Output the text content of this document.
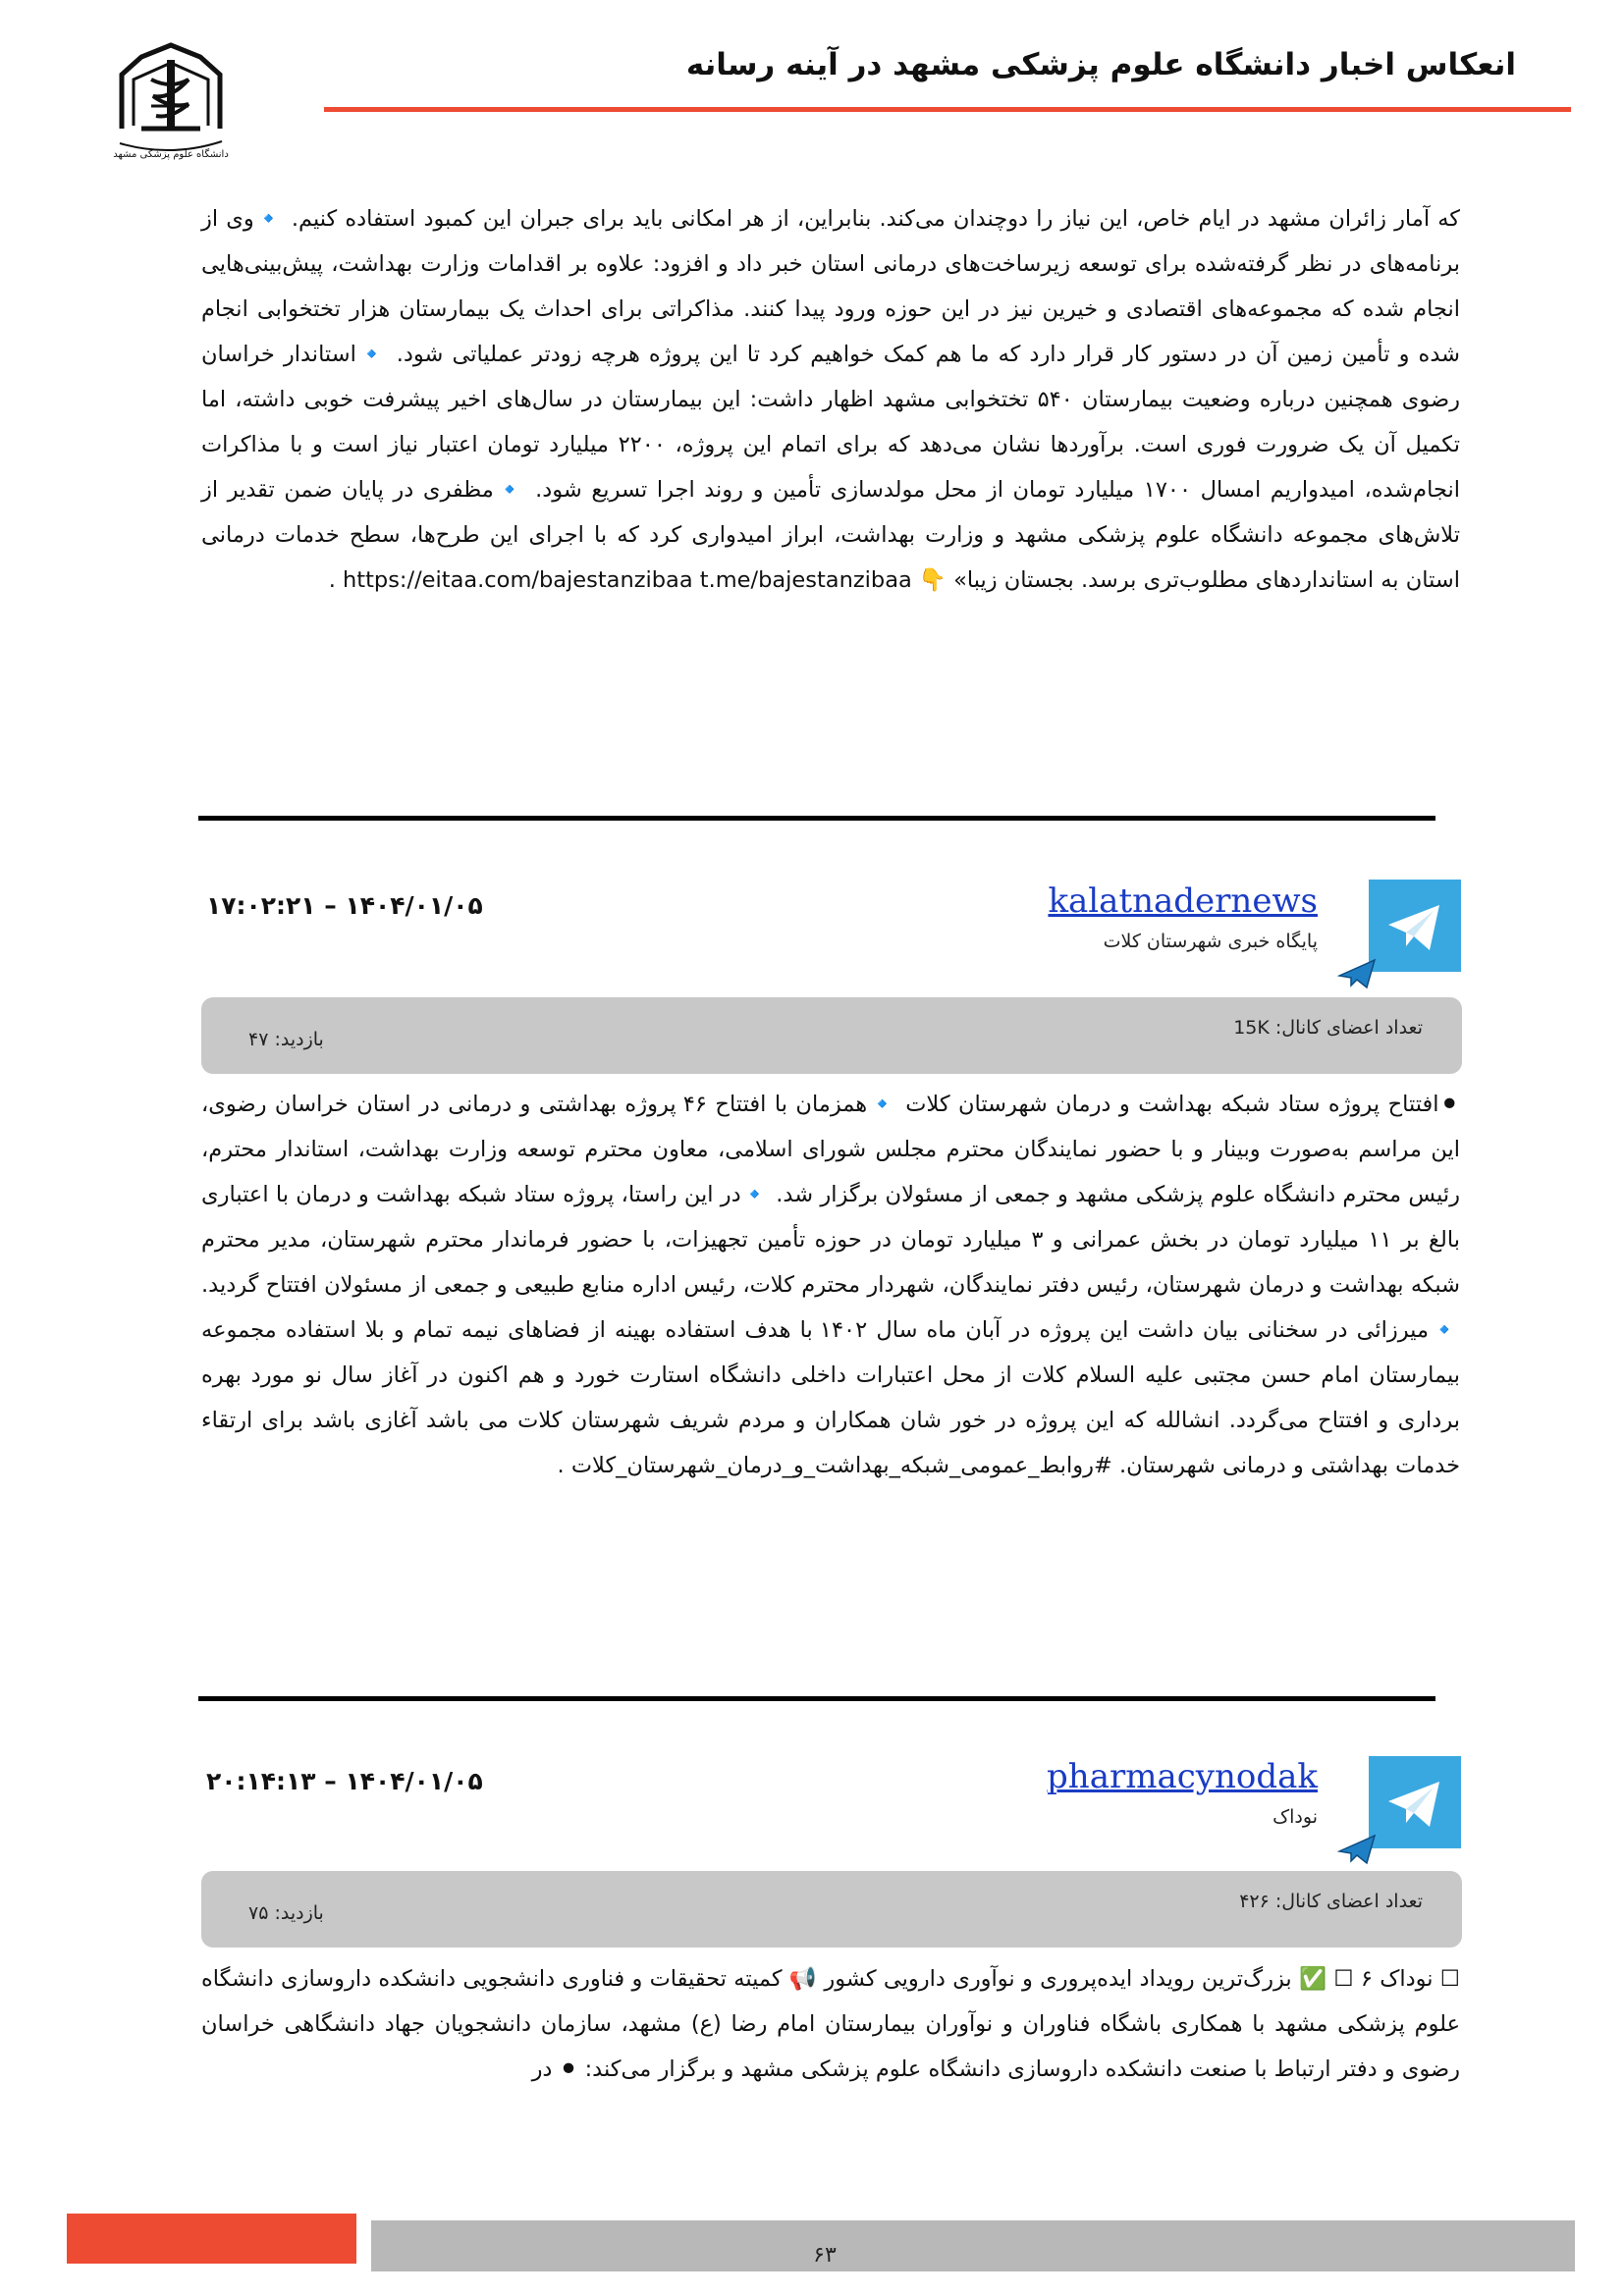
انعکاس اخبار دانشگاه علوم پزشکی مشهد در آینه رسانه
دانشگاه علوم پزشکی مشهد
که آمار زائران مشهد در ایام خاص، این نیاز را دوچندان می‌کند. بنابراین، از هر امکانی باید برای جبران این کمبود استفاده کنیم. 🔹وی از برنامه‌های در نظر گرفته‌شده برای توسعه زیرساخت‌های درمانی استان خبر داد و افزود: علاوه بر اقدامات وزارت بهداشت، پیش‌بینی‌هایی انجام شده که مجموعه‌های اقتصادی و خیرین نیز در این حوزه ورود پیدا کنند. مذاکراتی برای احداث یک بیمارستان هزار تختخوابی انجام شده و تأمین زمین آن در دستور کار قرار دارد که ما هم کمک خواهیم کرد تا این پروژه هرچه زودتر عملیاتی شود. 🔹استاندار خراسان رضوی همچنین درباره وضعیت بیمارستان ۵۴۰ تختخوابی مشهد اظهار داشت: این بیمارستان در سال‌های اخیر پیشرفت خوبی داشته، اما تکمیل آن یک ضرورت فوری است. برآوردها نشان می‌دهد که برای اتمام این پروژه، ۲۲۰۰ میلیارد تومان اعتبار نیاز است و با مذاکرات انجام‌شده، امیدواریم امسال ۱۷۰۰ میلیارد تومان از محل مولدسازی تأمین و روند اجرا تسریع شود. 🔹مظفری در پایان ضمن تقدیر از تلاش‌های مجموعه دانشگاه علوم پزشکی مشهد و وزارت بهداشت، ابراز امیدواری کرد که با اجرای این طرح‌ها، سطح خدمات درمانی استان به استانداردهای مطلوب‌تری برسد. بجستان زیبا» 👇 https://eitaa.com/bajestanzibaa t.me/bajestanzibaa .
kalatnadernews
پایگاه خبری شهرستان کلات
۱۷:۰۲:۲۱ – ۱۴۰۴/۰۱/۰۵
تعداد اعضای کانال: 15K
بازدید: ۴۷
⚫افتتاح پروژه ستاد شبکه بهداشت و درمان شهرستان کلات 🔹همزمان با افتتاح ۴۶ پروژه بهداشتی و درمانی در استان خراسان رضوی، این مراسم به‌صورت وبینار و با حضور نمایندگان محترم مجلس شورای اسلامی، معاون محترم توسعه وزارت بهداشت، استاندار محترم، رئیس محترم دانشگاه علوم پزشکی مشهد و جمعی از مسئولان برگزار شد. 🔹در این راستا، پروژه ستاد شبکه بهداشت و درمان با اعتباری بالغ بر ۱۱ میلیارد تومان در بخش عمرانی و ۳ میلیارد تومان در حوزه تأمین تجهیزات، با حضور فرماندار محترم شهرستان، مدیر محترم شبکه بهداشت و درمان شهرستان، رئیس دفتر نمایندگان، شهردار محترم کلات، رئیس اداره منابع طبیعی و جمعی از مسئولان افتتاح گردید. 🔹میرزائی در سخنانی بیان داشت این پروژه در آبان ماه سال ۱۴۰۲ با هدف استفاده بهینه از فضاهای نیمه تمام و بلا استفاده مجموعه بیمارستان امام حسن مجتبی علیه السلام کلات از محل اعتبارات داخلی دانشگاه استارت خورد و هم اکنون در آغاز سال نو مورد بهره برداری و افتتاح می‌گردد. انشالله که این پروژه در خور شان همکاران و مردم شریف شهرستان کلات می باشد آغازی باشد برای ارتقاء خدمات بهداشتی و درمانی شهرستان. #روابط_عمومی_شبکه_بهداشت_و_درمان_شهرستان_کلات .
pharmacynodak
نوداک
۲۰:۱۴:۱۳ – ۱۴۰۴/۰۱/۰۵
تعداد اعضای کانال: ۴۲۶
بازدید: ۷۵
☐ نوداک ۶ ☐ ✅ بزرگ‌ترین رویداد ایده‌پروری و نوآوری دارویی کشور 📢 کمیته تحقیقات و فناوری دانشجویی دانشکده داروسازی دانشگاه علوم پزشکی مشهد با همکاری باشگاه فناوران و نوآوران بیمارستان امام رضا (ع) مشهد، سازمان دانشجویان جهاد دانشگاهی خراسان رضوی و دفتر ارتباط با صنعت دانشکده داروسازی دانشگاه علوم پزشکی مشهد و برگزار می‌کند: ⚫ در
۶۳
